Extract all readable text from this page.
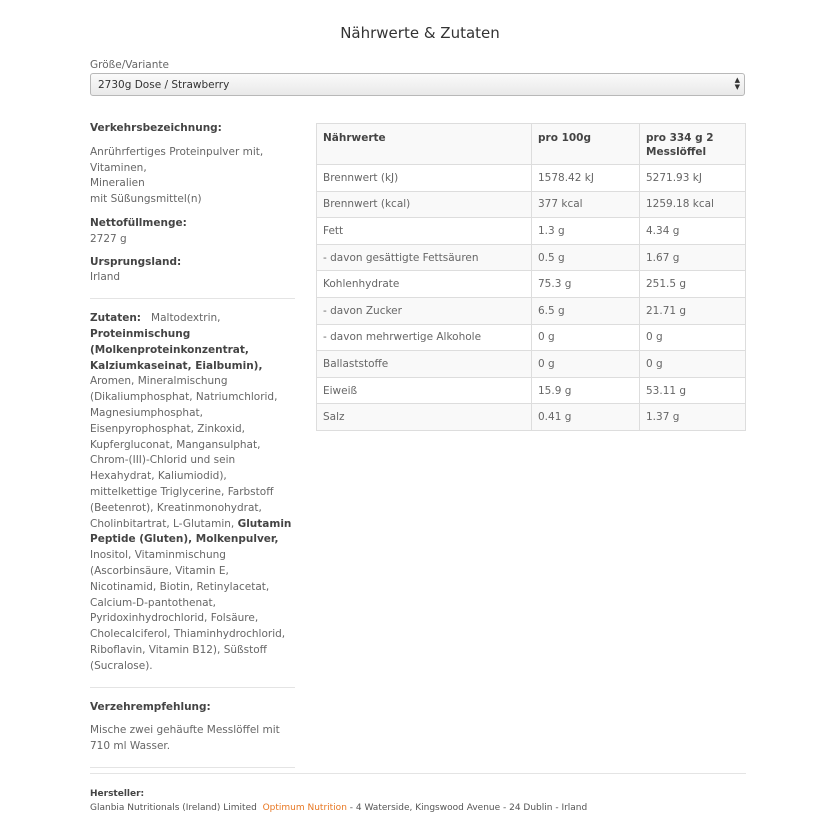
Nährwerte & Zutaten
Größe/Variante
2730g Dose / Strawberry	▲
▼
Verkehrsbezeichnung:
Anrührfertiges Proteinpulver mit, Vitaminen,
Mineralien
mit Süßungsmittel(n)
Nettofüllmenge:
2727 g
Ursprungsland:
Irland
Zutaten: Maltodextrin, Proteinmischung (Molkenproteinkonzentrat, Kalziumkaseinat, Eialbumin), Aromen, Mineralmischung (Dikaliumphosphat, Natriumchlorid, Magnesiumphosphat, Eisenpyrophosphat, Zinkoxid, Kupfergluconat, Mangansulphat, Chrom-(III)-Chlorid und sein Hexahydrat, Kaliumiodid), mittelkettige Triglycerine, Farbstoff (Beetenrot), Kreatinmonohydrat, Cholinbitartrat, L-Glutamin, Glutamin Peptide (Gluten), Molkenpulver,   Inositol, Vitaminmischung (Ascorbinsäure, Vitamin E, Nicotinamid, Biotin, Retinylacetat, Calcium-D-pantothenat, Pyridoxinhydrochlorid, Folsäure, Cholecalciferol, Thiaminhydrochlorid, Riboflavin, Vitamin B12), Süßstoff (Sucralose).
Verzehrempfehlung:
Mische zwei gehäufte Messlöffel mit 710 ml Wasser.
Nährwerte	pro 100g	pro 334 g 2 Messlöffel
Brennwert (kJ)	1578.42 kJ	5271.93 kJ
Brennwert (kcal)	377 kcal	1259.18 kcal
Fett	1.3 g	4.34 g
- davon gesättigte Fettsäuren	0.5 g	1.67 g
Kohlenhydrate	75.3 g	251.5 g
- davon Zucker	6.5 g	21.71 g
- davon mehrwertige Alkohole	0 g	0 g
Ballaststoffe	0 g	0 g
Eiweiß	15.9 g	53.11 g
Salz	0.41 g	1.37 g
Hersteller:
Glanbia Nutritionals (Ireland) Limited Optimum Nutrition - 4 Waterside, Kingswood Avenue - 24 Dublin - Irland
